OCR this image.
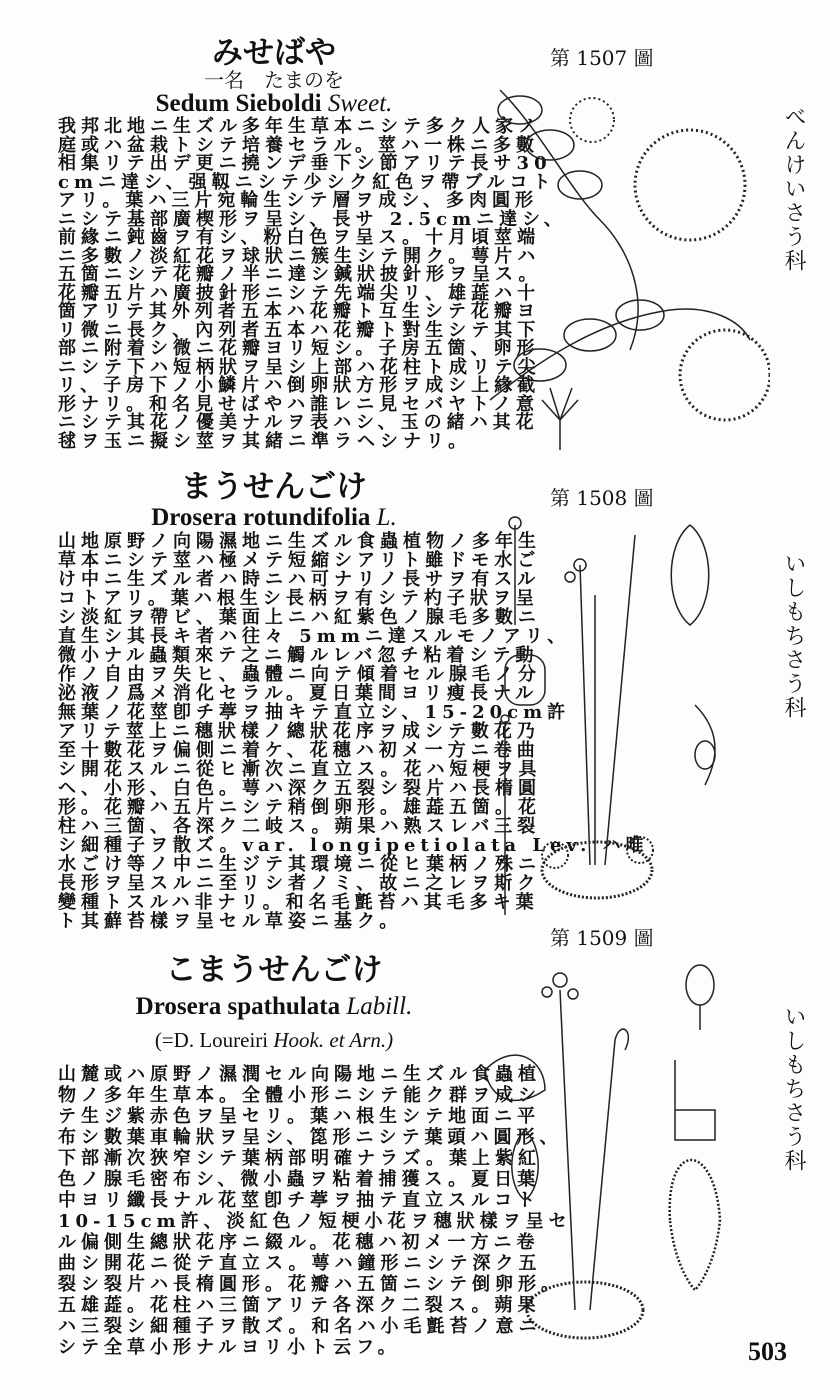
みせばや
一名　たまのを
Sedum Sieboldi Sweet.
我邦北地ニ生ズル多年生草本ニシテ多ク人家ノ
庭或ハ盆栽トシテ培養セラル。莖ハ一株ニ多數
相集リテ出デ更ニ撓ンデ垂下シ節アリテ長サ30
cmニ達シ、强靱ニシテ少シク紅色ヲ帶ブルコト
アリ。葉ハ三片宛輪生シテ層ヲ成シ、多肉圓形
ニシテ基部廣楔形ヲ呈シ、長サ 2.5cmニ達シ、
前緣ニ鈍齒ヲ有シ、粉白色ヲ呈ス。十月頃莖端
ニ多數ノ淡紅花ヲ球狀ニ簇生シテ開ク。萼片ハ
五箇ニシテ花瓣ノ半ニ達シ鍼狀披針形ヲ呈ス。
花瓣五片ハ廣披針形ニシテ先端尖リ、雄蕋ハ十
箇アリテ其外列者五本ハ花瓣ト互生シテ花瓣ヨ
リ微ニ長ク、內列者五本ハ花瓣ト對生シテ其下
部ニ附着シ微ニ花瓣ヨリ短シ。子房五箇、卵形
ニシテ下ハ短柄狀ヲ呈シ上部ハ花柱ト成リテ尖
リ、子房下ノ小鱗片ハ倒卵狀方形ヲ成シ上緣截
形ナリ。和名見せばやハ誰レニ見セバヤトノ意
ニシテ其花ノ優美ナルヲ表ハシ、玉の緒ハ其花
毬ヲ玉ニ擬シ莖ヲ其緒ニ準ラヘシナリ。
まうせんごけ
Drosera rotundifolia L.
山地原野ノ向陽濕地ニ生ズル食蟲植物ノ多年生
草本ニシテ莖ハ極メテ短縮シアリト雖ドモ水ご
け中ニ生ズル者ハ時ニハ可ナリノ長サヲ有スル
コトアリ。葉ハ根生シ長柄ヲ有シテ杓子狀ヲ呈
シ淡紅ヲ帶ビ、葉面上ニハ紅紫色ノ腺毛多數ニ
直生シ其長キ者ハ往々 5mmニ達スルモノアリ、
微小ナル蟲類來テ之ニ觸ルレバ忽チ粘着シテ動
作ノ自由ヲ失ヒ、蟲體ニ向テ傾着セル腺毛ノ分
泌液ノ爲メ消化セラル。夏日葉間ヨリ瘦長ナル
無葉ノ花莖卽チ葶ヲ抽キテ直立シ、15-20cm許
アリテ莖上ニ穗狀樣ノ總狀花序ヲ成シテ數花乃
至十數花ヲ偏側ニ着ケ、花穗ハ初メ一方ニ卷曲
シ開花スルニ從ヒ漸次ニ直立ス。花ハ短梗ヲ具
ヘ、小形、白色。萼ハ深ク五裂シ裂片ハ長楕圓
形。花瓣ハ五片ニシテ稍倒卵形。雄蕋五箇。花
柱ハ三箇、各深ク二岐ス。蒴果ハ熟スレバ三裂
シ細種子ヲ散ズ。var. longipetiolata Lev. ハ唯
水ごけ等ノ中ニ生ジテ其環境ニ從ヒ葉柄ノ殊ニ
長形ヲ呈スルニ至リシ者ノミ、故ニ之レヲ斯ク
變種トスルハ非ナリ。和名毛氈苔ハ其毛多キ葉
ト其蘚苔樣ヲ呈セル草姿ニ基ク。
こまうせんごけ
Drosera spathulata Labill.
(=D. Loureiri Hook. et Arn.)
山麓或ハ原野ノ濕潤セル向陽地ニ生ズル食蟲植
物ノ多年生草本。全體小形ニシテ能ク群ヲ成シ
テ生ジ紫赤色ヲ呈セリ。葉ハ根生シテ地面ニ平
布シ數葉車輪狀ヲ呈シ、箆形ニシテ葉頭ハ圓形、
下部漸次狹窄シテ葉柄部明確ナラズ。葉上紫紅
色ノ腺毛密布シ、微小蟲ヲ粘着捕獲ス。夏日葉
中ヨリ纖長ナル花莖卽チ葶ヲ抽テ直立スルコト
10-15cm許、淡紅色ノ短梗小花ヲ穗狀樣ヲ呈セ
ル偏側生總狀花序ニ綴ル。花穗ハ初メ一方ニ卷
曲シ開花ニ從テ直立ス。萼ハ鐘形ニシテ深ク五
裂シ裂片ハ長楕圓形。花瓣ハ五箇ニシテ倒卵形。
五雄蕋。花柱ハ三箇アリテ各深ク二裂ス。蒴果
ハ三裂シ細種子ヲ散ズ。和名ハ小毛氈苔ノ意ニ
シテ全草小形ナルヨリ小ト云フ。
第 1507 圖
第 1508 圖
第 1509 圖
べんけいさう科
いしもちさう科
いしもちさう科
503
